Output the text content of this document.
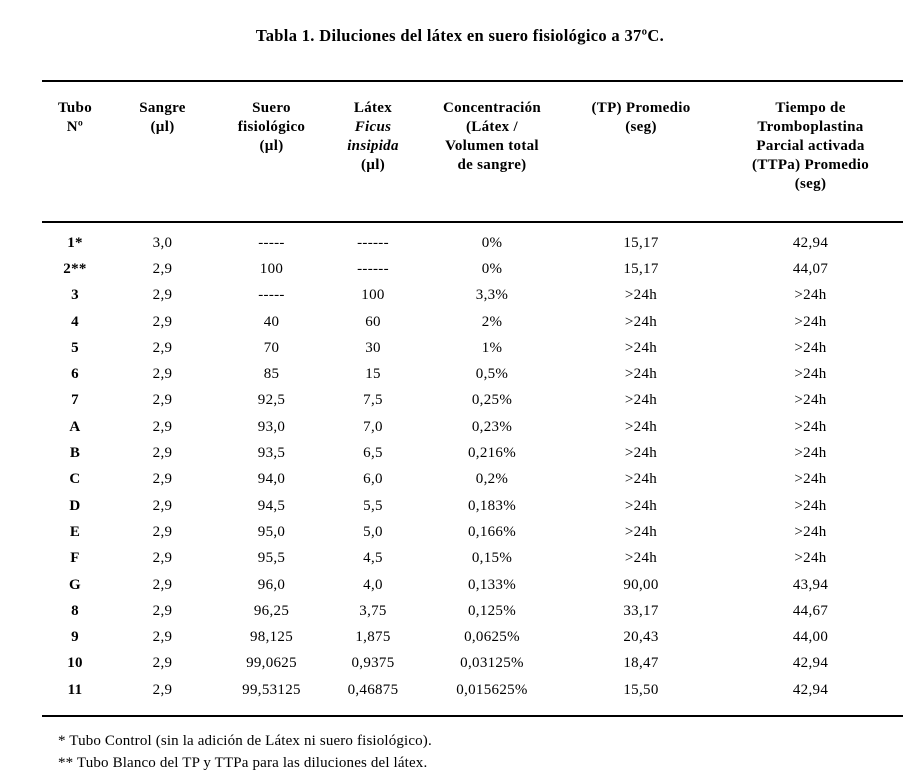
Tabla 1. Diluciones del látex en suero fisiológico a 37ºC.
Tubo
Nº

Sangre
(µl)

Suero
fisiológico
(µl)

Látex
Ficus
insipida
(µl)

Concentración
(Látex /
Volumen total
de sangre)

(TP) Promedio
(seg)

Tiempo de
Tromboplastina
Parcial activada
(TTPa) Promedio
(seg)

1*	3,0	-----	------	0%	15,17	42,94
2**	2,9	100	------	0%	15,17	44,07
3	2,9	-----	100	3,3%	>24h	>24h
4	2,9	40	60	2%	>24h	>24h
5	2,9	70	30	1%	>24h	>24h
6	2,9	85	15	0,5%	>24h	>24h
7	2,9	92,5	7,5	0,25%	>24h	>24h
A	2,9	93,0	7,0	0,23%	>24h	>24h
B	2,9	93,5	6,5	0,216%	>24h	>24h
C	2,9	94,0	6,0	0,2%	>24h	>24h
D	2,9	94,5	5,5	0,183%	>24h	>24h
E	2,9	95,0	5,0	0,166%	>24h	>24h
F	2,9	95,5	4,5	0,15%	>24h	>24h
G	2,9	96,0	4,0	0,133%	90,00	43,94
8	2,9	96,25	3,75	0,125%	33,17	44,67
9	2,9	98,125	1,875	0,0625%	20,43	44,00
10	2,9	99,0625	0,9375	0,03125%	18,47	42,94
11	2,9	99,53125	0,46875	0,015625%	15,50	42,94
* Tubo Control (sin la adición de Látex ni suero fisiológico).
** Tubo Blanco del TP y TTPa para las diluciones del látex.
